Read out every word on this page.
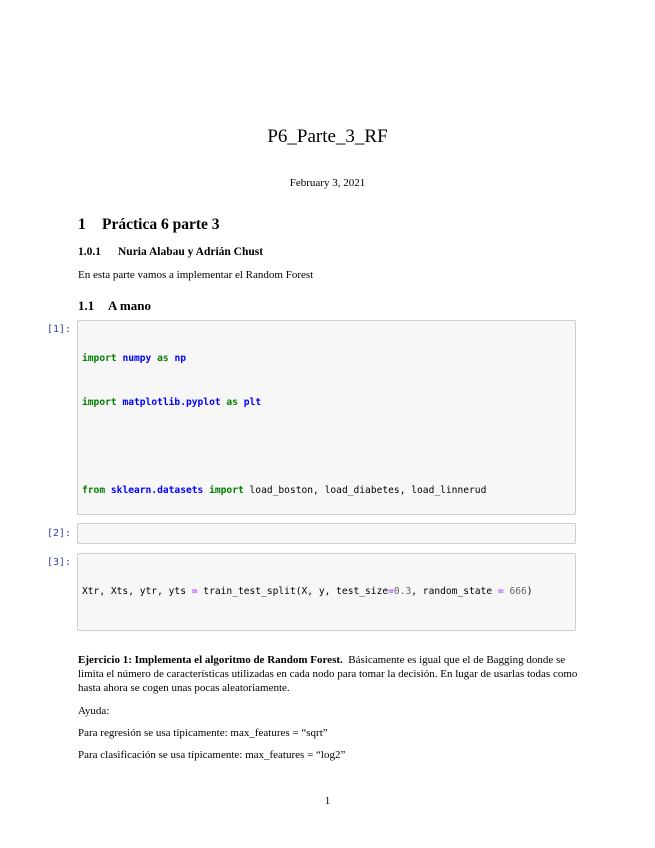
P6_Parte_3_RF
February 3, 2021
1 Práctica 6 parte 3
1.0.1 Nuria Alabau y Adrián Chust
En esta parte vamos a implementar el Random Forest
1.1 A mano
[1]:

import numpy as np

import matplotlib.pyplot as plt

from sklearn.datasets import load_boston, load_diabetes, load_linnerud

[2]:

[3]:

Xtr, Xts, ytr, yts = train_test_split(X, y, test_size=0.3, random_state = 666)

Ejercicio 1: Implementa el algoritmo de Random Forest. Básicamente es igual que el de Bagging donde se limita el número de características utilizadas en cada nodo para tomar la decisión. En lugar de usarlas todas como hasta ahora se cogen unas pocas aleatoriamente.
Ayuda:
Para regresión se usa típicamente: max_features = “sqrt”
Para clasificación se usa típicamente: max_features = “log2”
1
